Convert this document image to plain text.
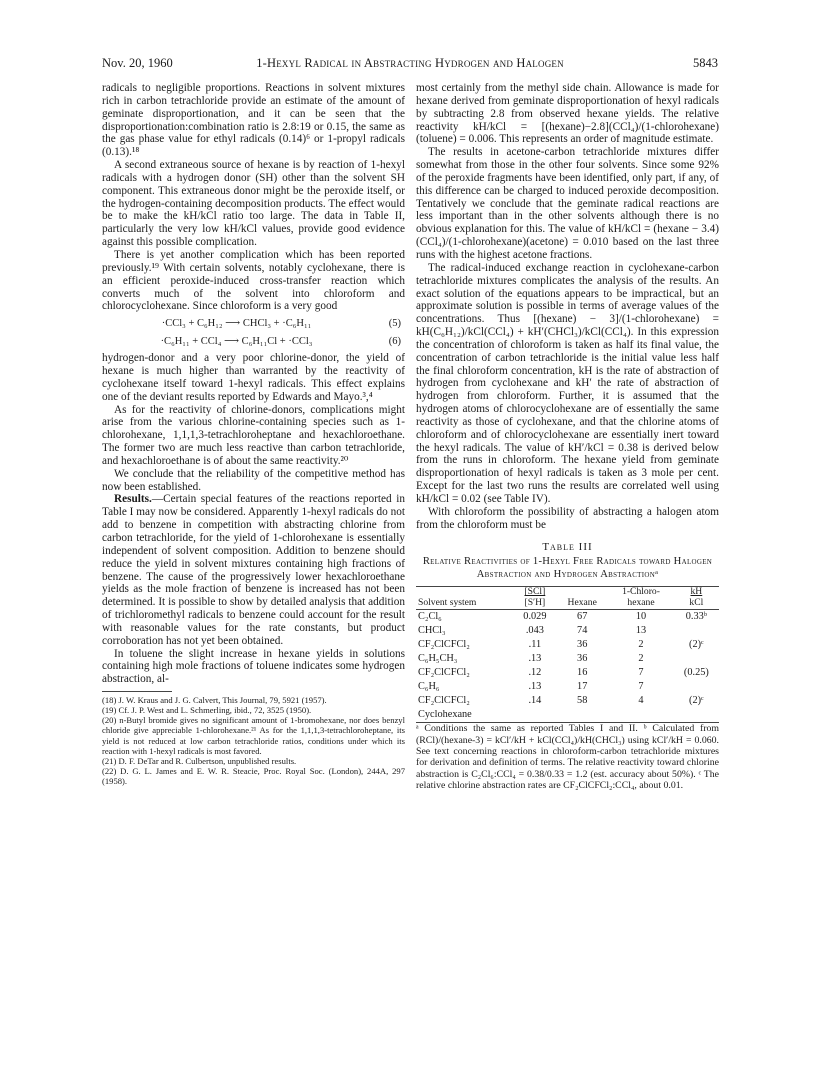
Nov. 20, 1960	1-Hexyl Radical in Abstracting Hydrogen and Halogen	5843

radicals to negligible proportions. Reactions in solvent mixtures rich in carbon tetrachloride provide an estimate of the amount of geminate disproportionation, and it can be seen that the disproportionation:combination ratio is 2.8:19 or 0.15, the same as the gas phase value for ethyl radicals (0.14)⁶ or 1-propyl radicals (0.13).¹⁸

A second extraneous source of hexane is by reaction of 1-hexyl radicals with a hydrogen donor (SH) other than the solvent SH component. This extraneous donor might be the peroxide itself, or the hydrogen-containing decomposition products. The effect would be to make the kH/kCl ratio too large. The data in Table II, particularly the very low kH/kCl values, provide good evidence against this possible complication.

There is yet another complication which has been reported previously.¹⁹ With certain solvents, notably cyclohexane, there is an efficient peroxide-induced cross-transfer reaction which converts much of the solvent into chloroform and chlorocyclohexane. Since chloroform is a very good

·CCl₃ + C₆H₁₂ ⟶ CHCl₃ + ·C₆H₁₁	(5)
·C₆H₁₁ + CCl₄ ⟶ C₆H₁₁Cl + ·CCl₃	(6)

hydrogen-donor and a very poor chlorine-donor, the yield of hexane is much higher than warranted by the reactivity of cyclohexane itself toward 1-hexyl radicals. This effect explains one of the deviant results reported by Edwards and Mayo.³,⁴

As for the reactivity of chlorine-donors, complications might arise from the various chlorine-containing species such as 1-chlorohexane, 1,1,1,3-tetrachloroheptane and hexachloroethane. The former two are much less reactive than carbon tetrachloride, and hexachloroethane is of about the same reactivity.²⁰

We conclude that the reliability of the competitive method has now been established.

Results.—Certain special features of the reactions reported in Table I may now be considered. Apparently 1-hexyl radicals do not add to benzene in competition with abstracting chlorine from carbon tetrachloride, for the yield of 1-chlorohexane is essentially independent of solvent composition. Addition to benzene should reduce the yield in solvent mixtures containing high fractions of benzene. The cause of the progressively lower hexachloroethane yields as the mole fraction of benzene is increased has not been determined. It is possible to show by detailed analysis that addition of trichloromethyl radicals to benzene could account for the result with reasonable values for the rate constants, but product corroboration has not yet been obtained.

In toluene the slight increase in hexane yields in solutions containing high mole fractions of toluene indicates some hydrogen abstraction, al-

(18) J. W. Kraus and J. G. Calvert, This Journal, 79, 5921 (1957).

(19) Cf. J. P. West and L. Schmerling, ibid., 72, 3525 (1950).

(20) n-Butyl bromide gives no significant amount of 1-bromohexane, nor does benzyl chloride give appreciable 1-chlorohexane.²¹ As for the 1,1,1,3-tetrachloroheptane, its yield is not reduced at low carbon tetrachloride ratios, conditions under which its reaction with 1-hexyl radicals is most favored.

(21) D. F. DeTar and R. Culbertson, unpublished results.

(22) D. G. L. James and E. W. R. Steacie, Proc. Royal Soc. (London), 244A, 297 (1958).

most certainly from the methyl side chain. Allowance is made for hexane derived from geminate disproportionation of hexyl radicals by subtracting 2.8 from observed hexane yields. The relative reactivity kH/kCl = [(hexane)−2.8](CCl₄)/(1-chlorohexane)(toluene) = 0.006. This represents an order of magnitude estimate.

The results in acetone-carbon tetrachloride mixtures differ somewhat from those in the other four solvents. Since some 92% of the peroxide fragments have been identified, only part, if any, of this difference can be charged to induced peroxide decomposition. Tentatively we conclude that the geminate radical reactions are less important than in the other solvents although there is no obvious explanation for this. The value of kH/kCl = (hexane − 3.4)(CCl₄)/(1-chlorohexane)(acetone) = 0.010 based on the last three runs with the highest acetone fractions.

The radical-induced exchange reaction in cyclohexane-carbon tetrachloride mixtures complicates the analysis of the results. An exact solution of the equations appears to be impractical, but an approximate solution is possible in terms of average values of the concentrations. Thus [(hexane) − 3]/(1-chlorohexane) = kH(C₆H₁₂)/kCl(CCl₄) + kH′(CHCl₃)/kCl(CCl₄). In this expression the concentration of chloroform is taken as half its final value, the concentration of carbon tetrachloride is the initial value less half the final chloroform concentration, kH is the rate of abstraction of hydrogen from cyclohexane and kH′ the rate of abstraction of hydrogen from chloroform. Further, it is assumed that the hydrogen atoms of chlorocyclohexane are of essentially the same reactivity as those of cyclohexane, and that the chlorine atoms of chloroform and of chlorocyclohexane are essentially inert toward the hexyl radicals. The value of kH′/kCl = 0.38 is derived below from the runs in chloroform. The hexane yield from geminate disproportionation of hexyl radicals is taken as 3 mole per cent. Except for the last two runs the results are correlated well using kH/kCl = 0.02 (see Table IV).

With chloroform the possibility of abstracting a halogen atom from the chloroform must be

Table III
Relative Reactivities of 1-Hexyl Free Radicals toward Halogen Abstraction and Hydrogen Abstractionᵃ
Solvent system	[SCl]
[S′H]	Hexane	1-Chloro-
hexane	kH
kCl
C₂Cl₆	0.029	67	10	0.33ᵇ
CHCl₃	.043	74	13	
CF₂ClCFCl₂	.11	36	2	(2)ᶜ
C₆H₅CH₃	.13	36	2	
CF₂ClCFCl₂	.12	16	7	(0.25)
C₆H₆	.13	17	7	
CF₂ClCFCl₂	.14	58	4	(2)ᶜ
Cyclohexane				

ᵃ Conditions the same as reported Tables I and II. ᵇ Calculated from (RCl)/(hexane-3) = kCl′/kH + kCl(CCl₄)/kH(CHCl₃) using kCl′/kH = 0.060. See text concerning reactions in chloroform-carbon tetrachloride mixtures for derivation and definition of terms. The relative reactivity toward chlorine abstraction is C₂Cl₆:CCl₄ = 0.38/0.33 = 1.2 (est. accuracy about 50%). ᶜ The relative chlorine abstraction rates are CF₂ClCFCl₂:CCl₄, about 0.01.
